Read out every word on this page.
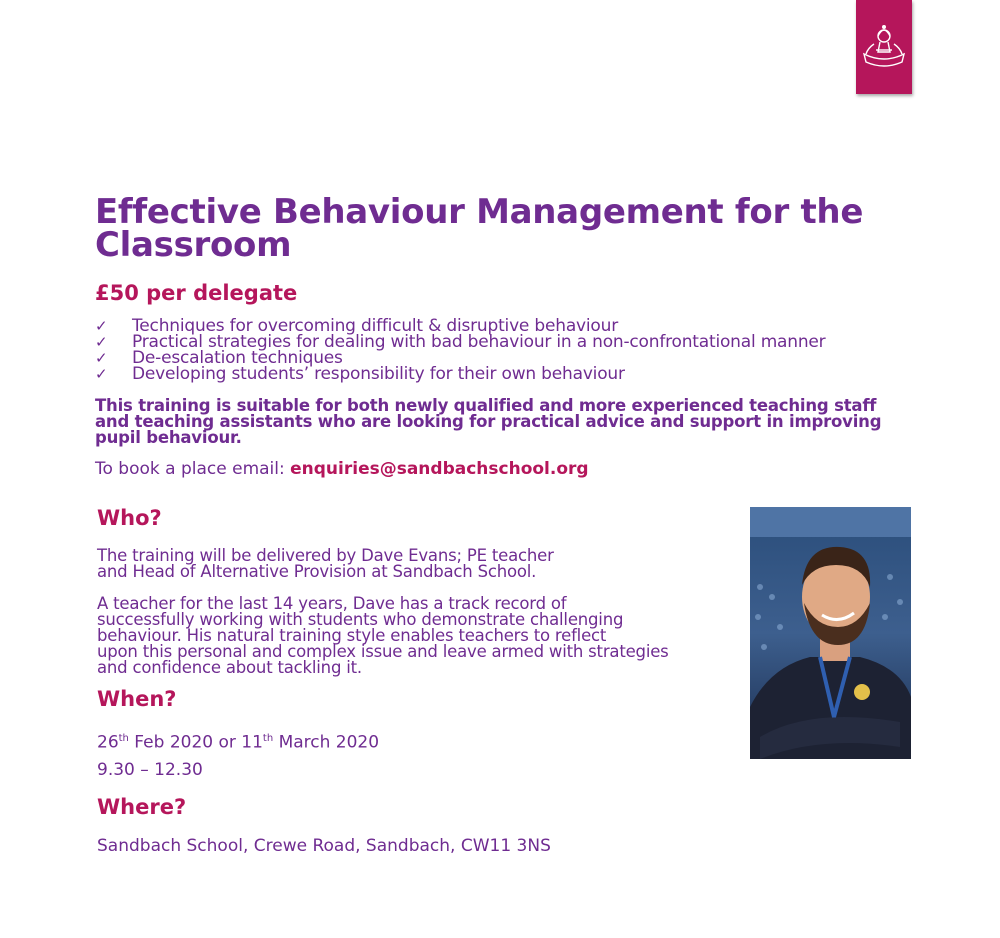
Effective Behaviour Management for the Classroom
£50 per delegate
✓ Techniques for overcoming difficult & disruptive behaviour
✓ Practical strategies for dealing with bad behaviour in a non-confrontational manner
✓ De-escalation techniques
✓ Developing students’ responsibility for their own behaviour

This training is suitable for both newly qualified and more experienced teaching staff and teaching assistants who are looking for practical advice and support in improving pupil behaviour.

To book a place email: enquiries@sandbachschool.org

Who?
The training will be delivered by Dave Evans; PE teacher
and Head of Alternative Provision at Sandbach School.
A teacher for the last 14 years, Dave has a track record of
successfully working with students who demonstrate challenging
behaviour. His natural training style enables teachers to reflect
upon this personal and complex issue and leave armed with strategies
and confidence about tackling it.
When?

26th Feb 2020 or 11th March 2020

9.30 – 12.30

Where?

Sandbach School, Crewe Road, Sandbach, CW11 3NS
